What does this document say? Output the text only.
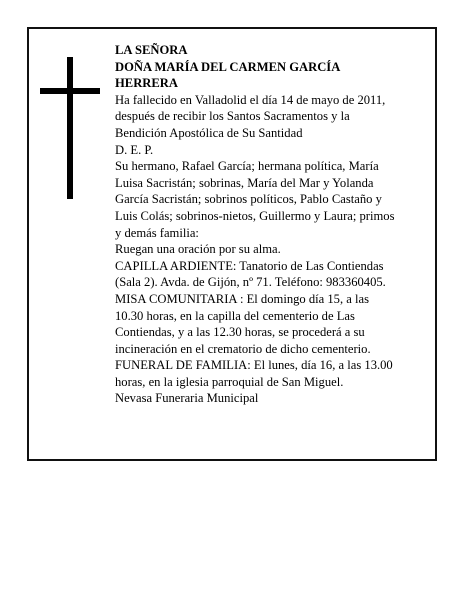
LA SEÑORA
DOÑA MARÍA DEL CARMEN GARCÍA
HERRERA
Ha fallecido en Valladolid el día 14 de mayo de 2011,
después de recibir los Santos Sacramentos y la
Bendición Apostólica de Su Santidad
D. E. P.
Su hermano, Rafael García; hermana política, María
Luisa Sacristán; sobrinas, María del Mar y Yolanda
García Sacristán; sobrinos políticos, Pablo Castaño y
Luis Colás; sobrinos-nietos, Guillermo y Laura; primos
y demás familia:
Ruegan una oración por su alma.
CAPILLA ARDIENTE: Tanatorio de Las Contiendas
(Sala 2). Avda. de Gijón, nº 71. Teléfono: 983360405.
MISA COMUNITARIA : El domingo día 15, a las
10.30 horas, en la capilla del cementerio de Las
Contiendas, y a las 12.30 horas, se procederá a su
incineración en el crematorio de dicho cementerio.
FUNERAL DE FAMILIA: El lunes, día 16, a las 13.00
horas, en la iglesia parroquial de San Miguel.
Nevasa Funeraria Municipal
